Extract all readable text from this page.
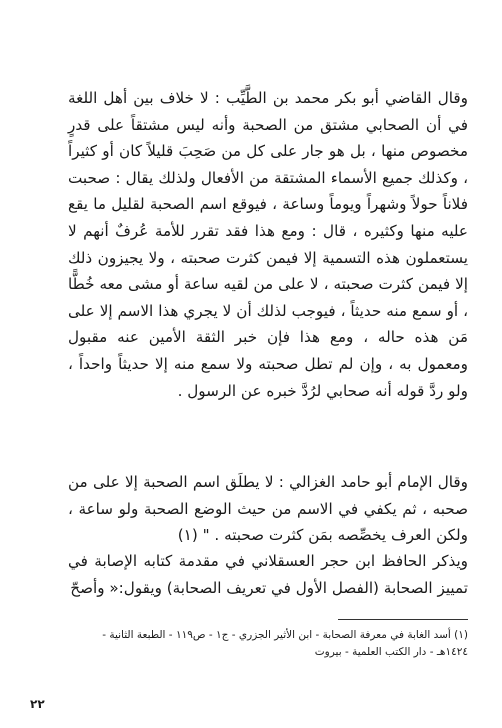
وقال القاضي أبو بكر محمد بن الطَّيِّب : لا خلاف بين أهل اللغة في أن الصحابي مشتق من الصحبة وأنه ليس مشتقاً على قدرٍ مخصوص منها ، بل هو جار على كل من صَحِبَ قليلاً كان أو كثيراً ، وكذلك جميع الأسماء المشتقة من الأفعال ولذلك يقال : صحبت فلاناً حولاً وشهراً ويوماً وساعة ، فيوقع اسم الصحبة لقليل ما يقع عليه منها وكثيره ، قال : ومع هذا فقد تقرر للأمة عُرفٌ أنهم لا يستعملون هذه التسمية إلا فيمن كثرت صحبته ، ولا يجيزون ذلك إلا فيمن كثرت صحبته ، لا على من لقيه ساعة أو مشى معه خُطًّا ، أو سمع منه حديثاً ، فيوجب لذلك أن لا يجري هذا الاسم إلا على مَن هذه حاله ، ومع هذا فإن خبر الثقة الأمين عنه مقبول ومعمول به ، وإن لم تطل صحبته ولا سمع منه إلا حديثاً واحداً ، ولو ردَّ قوله أنه صحابي لرُدَّ خبره عن الرسول .

وقال الإمام أبو حامد الغزالي : لا يطلَق اسم الصحبة إلا على من صحبه ، ثم يكفي في الاسم من حيث الوضع الصحبة ولو ساعة ، ولكن العرف يخصِّصه بمَن كثرت صحبته . " (١)

ويذكر الحافظ ابن حجر العسقلاني في مقدمة كتابه الإصابة في تمييز الصحابة (الفصل الأول في تعريف الصحابة) ويقول:« وأصحّ

(١) أسد الغابة في معرفة الصحابة - ابن الأثير الجزري - ج١ - ص١١٩ - الطبعة الثانية - ١٤٢٤هـ - دار الكتب العلمية - بيروت
٢٢
